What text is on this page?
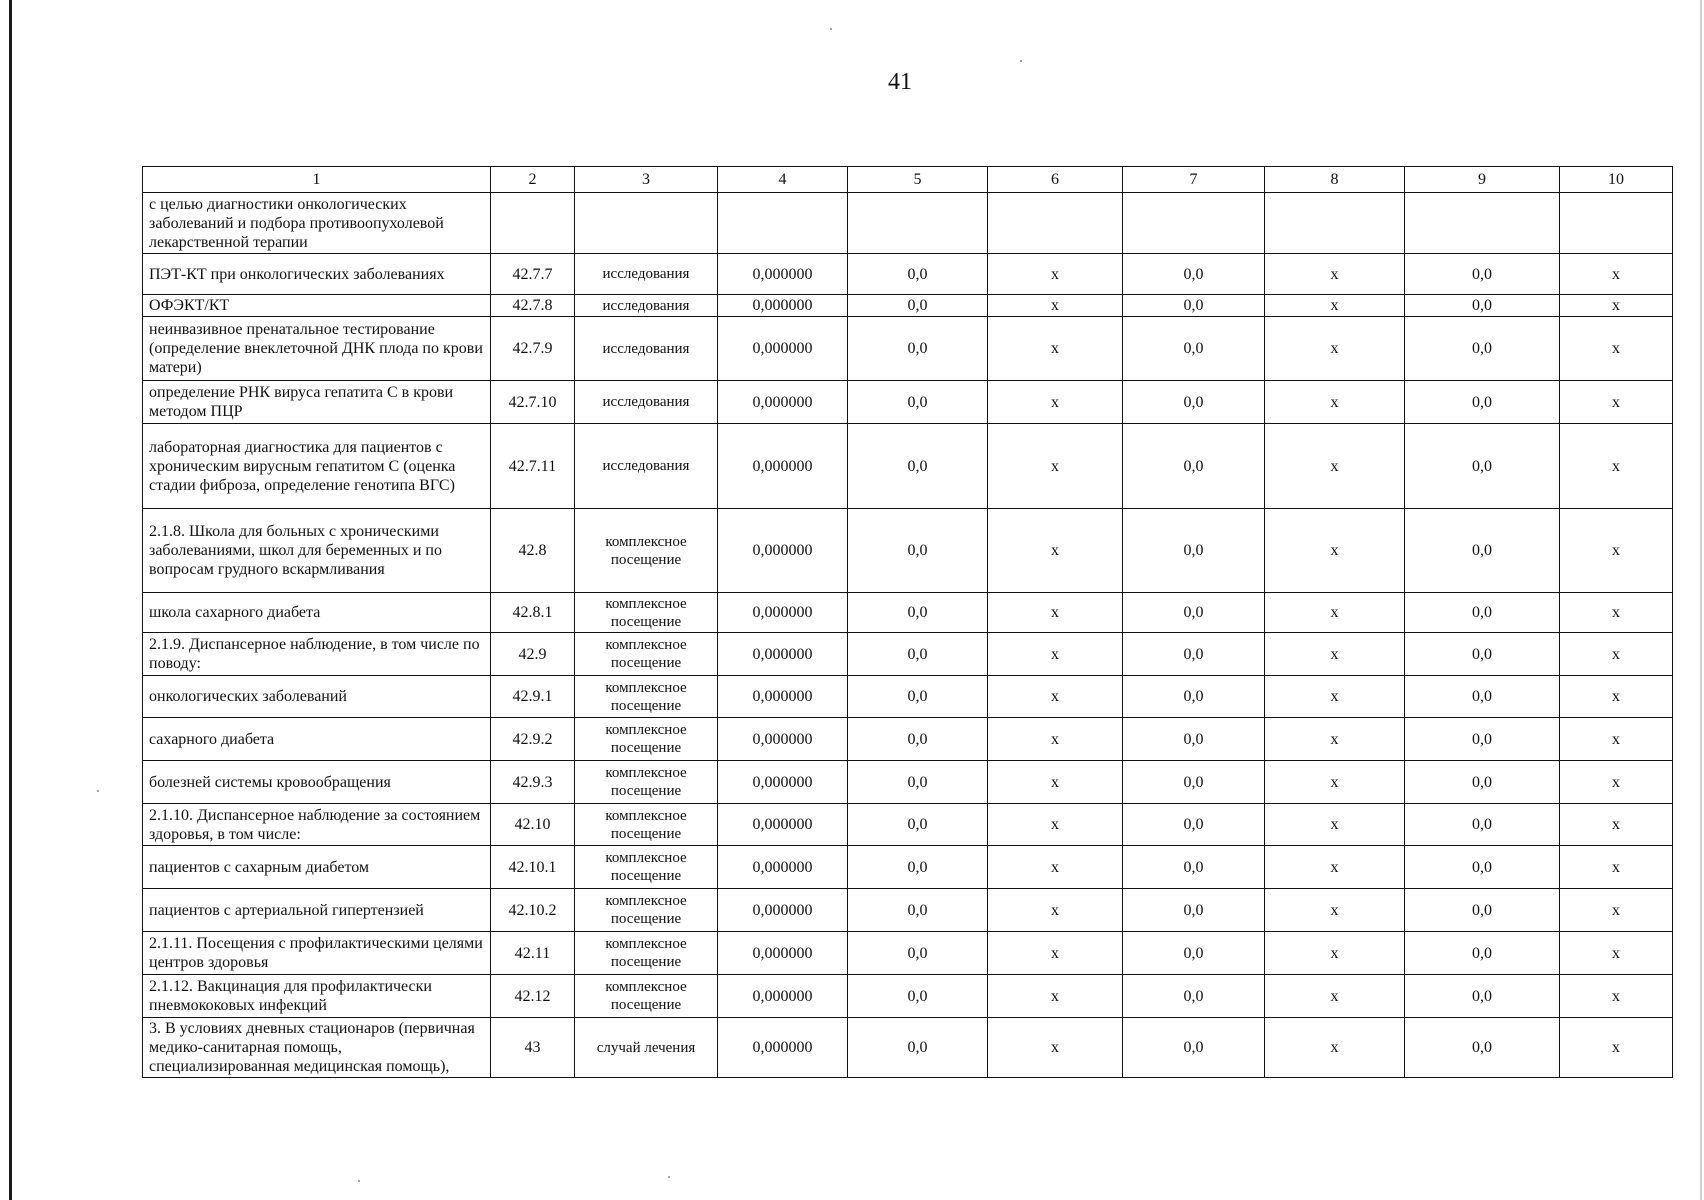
41
1	2	3	4	5	6	7	8	9	10
с целью диагностики онкологических заболеваний и подбора противоопухолевой лекарственной терапии									
ПЭТ-КТ при онкологических заболеваниях	42.7.7	исследования	0,000000	0,0	х	0,0	х	0,0	х
ОФЭКТ/КТ	42.7.8	исследования	0,000000	0,0	х	0,0	х	0,0	х
неинвазивное пренатальное тестирование (определение внеклеточной ДНК плода по крови матери)	42.7.9	исследования	0,000000	0,0	х	0,0	х	0,0	х
определение РНК вируса гепатита С в крови методом ПЦР	42.7.10	исследования	0,000000	0,0	х	0,0	х	0,0	х
лабораторная диагностика для пациентов с хроническим вирусным гепатитом С (оценка стадии фиброза, определение генотипа ВГС)	42.7.11	исследования	0,000000	0,0	х	0,0	х	0,0	х
2.1.8. Школа для больных с хроническими заболеваниями, школ для беременных и по вопросам грудного вскармливания	42.8	комплексное посещение	0,000000	0,0	х	0,0	х	0,0	х
школа сахарного диабета	42.8.1	комплексное посещение	0,000000	0,0	х	0,0	х	0,0	х
2.1.9. Диспансерное наблюдение, в том числе по поводу:	42.9	комплексное посещение	0,000000	0,0	х	0,0	х	0,0	х
онкологических заболеваний	42.9.1	комплексное посещение	0,000000	0,0	х	0,0	х	0,0	х
сахарного диабета	42.9.2	комплексное посещение	0,000000	0,0	х	0,0	х	0,0	х
болезней системы кровообращения	42.9.3	комплексное посещение	0,000000	0,0	х	0,0	х	0,0	х
2.1.10. Диспансерное наблюдение за состоянием здоровья, в том числе:	42.10	комплексное посещение	0,000000	0,0	х	0,0	х	0,0	х
пациентов с сахарным диабетом	42.10.1	комплексное посещение	0,000000	0,0	х	0,0	х	0,0	х
пациентов с артериальной гипертензией	42.10.2	комплексное посещение	0,000000	0,0	х	0,0	х	0,0	х
2.1.11. Посещения с профилактическими целями центров здоровья	42.11	комплексное посещение	0,000000	0,0	х	0,0	х	0,0	х
2.1.12. Вакцинация для профилактически пневмококовых инфекций	42.12	комплексное посещение	0,000000	0,0	х	0,0	х	0,0	х
3. В условиях дневных стационаров (первичная медико-санитарная помощь, специализированная медицинская помощь),	43	случай лечения	0,000000	0,0	х	0,0	х	0,0	х
